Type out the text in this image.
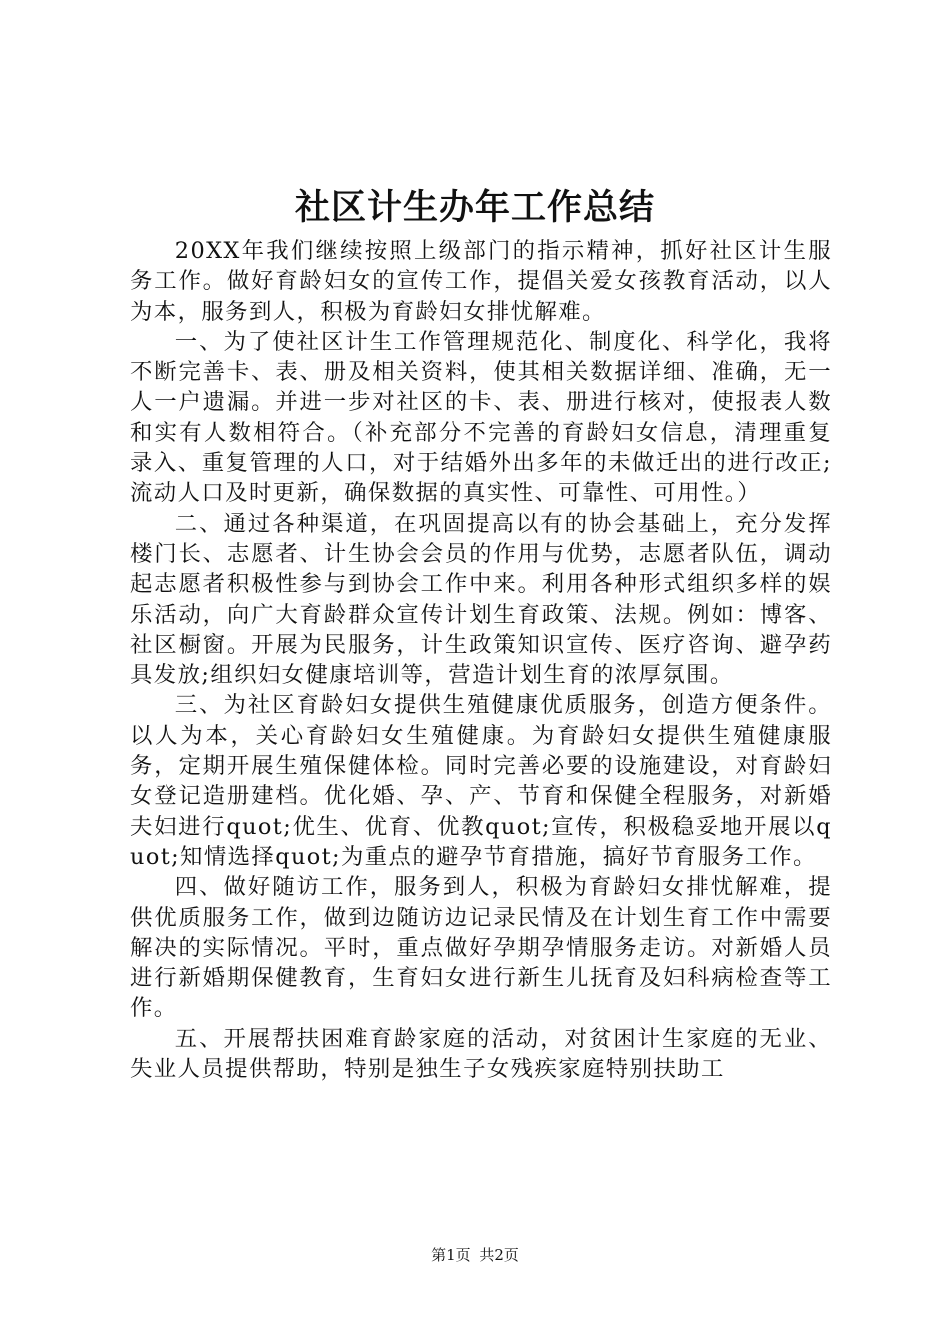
社区计生办年工作总结

20XX年我们继续按照上级部门的指示精神，抓好社区计生服务工作。做好育龄妇女的宣传工作，提倡关爱女孩教育活动，以人为本，服务到人，积极为育龄妇女排忧解难。

一、为了使社区计生工作管理规范化、制度化、科学化，我将不断完善卡、表、册及相关资料，使其相关数据详细、准确，无一人一户遗漏。并进一步对社区的卡、表、册进行核对，使报表人数和实有人数相符合。（补充部分不完善的育龄妇女信息，清理重复录入、重复管理的人口，对于结婚外出多年的未做迁出的进行改正;流动人口及时更新，确保数据的真实性、可靠性、可用性。）

二、通过各种渠道，在巩固提高以有的协会基础上，充分发挥楼门长、志愿者、计生协会会员的作用与优势，志愿者队伍，调动起志愿者积极性参与到协会工作中来。利用各种形式组织多样的娱乐活动，向广大育龄群众宣传计划生育政策、法规。例如：博客、社区橱窗。开展为民服务，计生政策知识宣传、医疗咨询、避孕药具发放;组织妇女健康培训等，营造计划生育的浓厚氛围。

三、为社区育龄妇女提供生殖健康优质服务，创造方便条件。以人为本，关心育龄妇女生殖健康。为育龄妇女提供生殖健康服务，定期开展生殖保健体检。同时完善必要的设施建设，对育龄妇女登记造册建档。优化婚、孕、产、节育和保健全程服务，对新婚夫妇进行quot;优生、优育、优教quot;宣传，积极稳妥地开展以quot;知情选择quot;为重点的避孕节育措施，搞好节育服务工作。

四、做好随访工作，服务到人，积极为育龄妇女排忧解难，提供优质服务工作，做到边随访边记录民情及在计划生育工作中需要解决的实际情况。平时，重点做好孕期孕情服务走访。对新婚人员进行新婚期保健教育，生育妇女进行新生儿抚育及妇科病检查等工作。

五、开展帮扶困难育龄家庭的活动，对贫困计生家庭的无业、失业人员提供帮助，特别是独生子女残疾家庭特别扶助工

第1页 共2页
